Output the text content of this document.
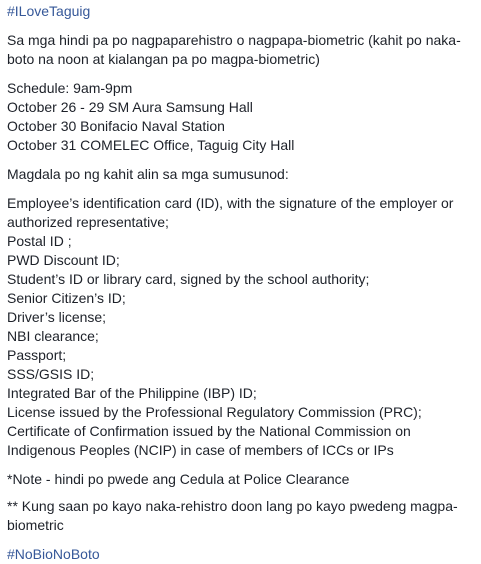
#ILoveTaguig
Sa mga hindi pa po nagpaparehistro o nagpapa-biometric (kahit po naka-
boto na noon at kialangan pa po magpa-biometric)
Schedule: 9am-9pm
October 26 - 29 SM Aura Samsung Hall
October 30 Bonifacio Naval Station
October 31 COMELEC Office, Taguig City Hall
Magdala po ng kahit alin sa mga sumusunod:
Employee’s identification card (ID), with the signature of the employer or
authorized representative;
Postal ID ;
PWD Discount ID;
Student’s ID or library card, signed by the school authority;
Senior Citizen’s ID;
Driver’s license;
NBI clearance;
Passport;
SSS/GSIS ID;
Integrated Bar of the Philippine (IBP) ID;
License issued by the Professional Regulatory Commission (PRC);
Certificate of Confirmation issued by the National Commission on
Indigenous Peoples (NCIP) in case of members of ICCs or IPs
*Note - hindi po pwede ang Cedula at Police Clearance
** Kung saan po kayo naka-rehistro doon lang po kayo pwedeng magpa-
biometric
#NoBioNoBoto
